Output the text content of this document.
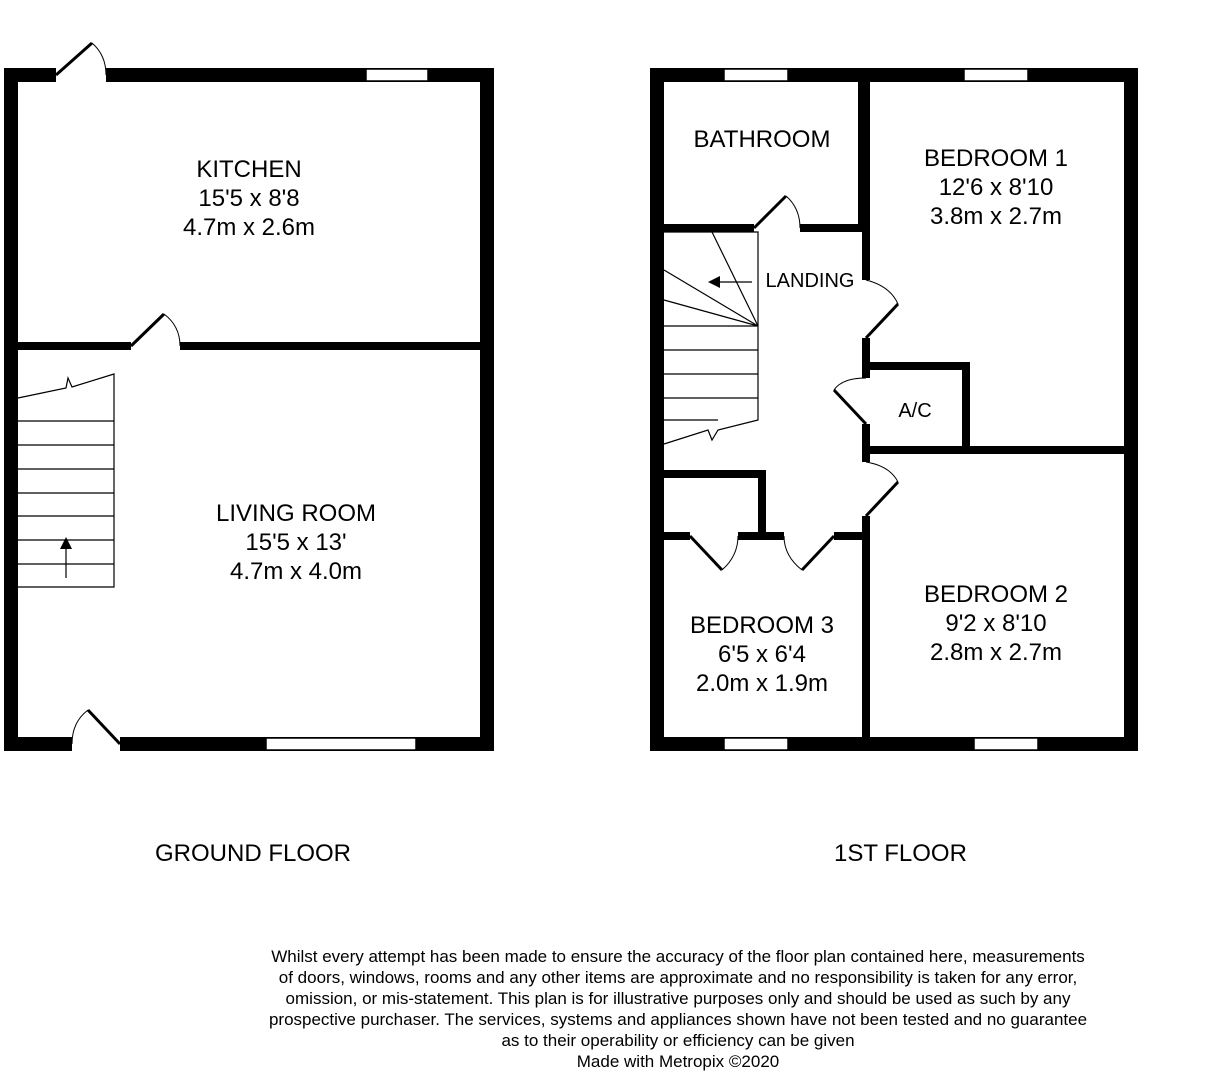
KITCHEN
15'5 x 8'8
4.7m x 2.6m
LIVING ROOM
15'5 x 13'
4.7m x 4.0m
BATHROOM
BEDROOM 1
12'6 x 8'10
3.8m x 2.7m
LANDING
A/C
BEDROOM 2
9'2 x 8'10
2.8m x 2.7m
BEDROOM 3
6'5 x 6'4
2.0m x 1.9m
GROUND FLOOR	1ST FLOOR
Whilst every attempt has been made to ensure the accuracy of the floor plan contained here, measurements
of doors, windows, rooms and any other items are approximate and no responsibility is taken for any error,
omission, or mis-statement. This plan is for illustrative purposes only and should be used as such by any
prospective purchaser. The services, systems and appliances shown have not been tested and no guarantee
as to their operability or efficiency can be given
Made with Metropix ©2020
